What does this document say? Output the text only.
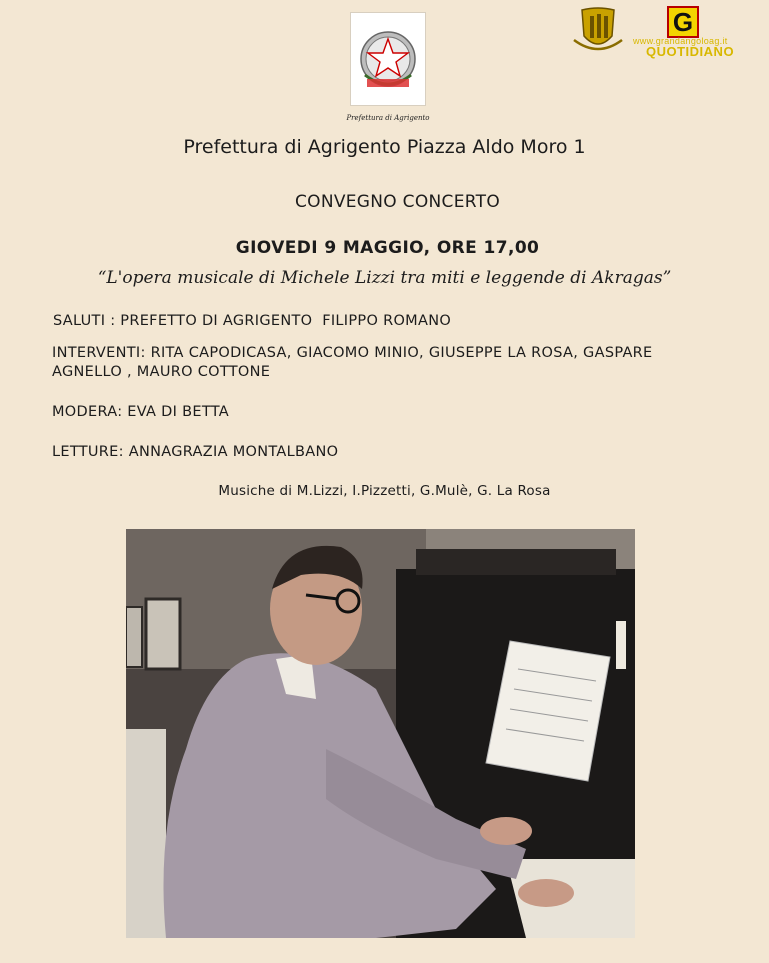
Prefettura di Agrigento
G
www.grandangoloag.it
QUOTIDIANO
Prefettura di Agrigento Piazza Aldo Moro 1
CONVEGNO CONCERTO
GIOVEDI 9 MAGGIO, ORE 17,00
“L'opera musicale di Michele Lizzi tra miti e leggende di Akragas”
SALUTI : PREFETTO DI AGRIGENTO  FILIPPO ROMANO
INTERVENTI: RITA CAPODICASA, GIACOMO MINIO, GIUSEPPE LA ROSA, GASPARE
AGNELLO , MAURO COTTONE
MODERA: EVA DI BETTA
LETTURE: ANNAGRAZIA MONTALBANO
Musiche di M.Lizzi, I.Pizzetti, G.Mulè, G. La Rosa
